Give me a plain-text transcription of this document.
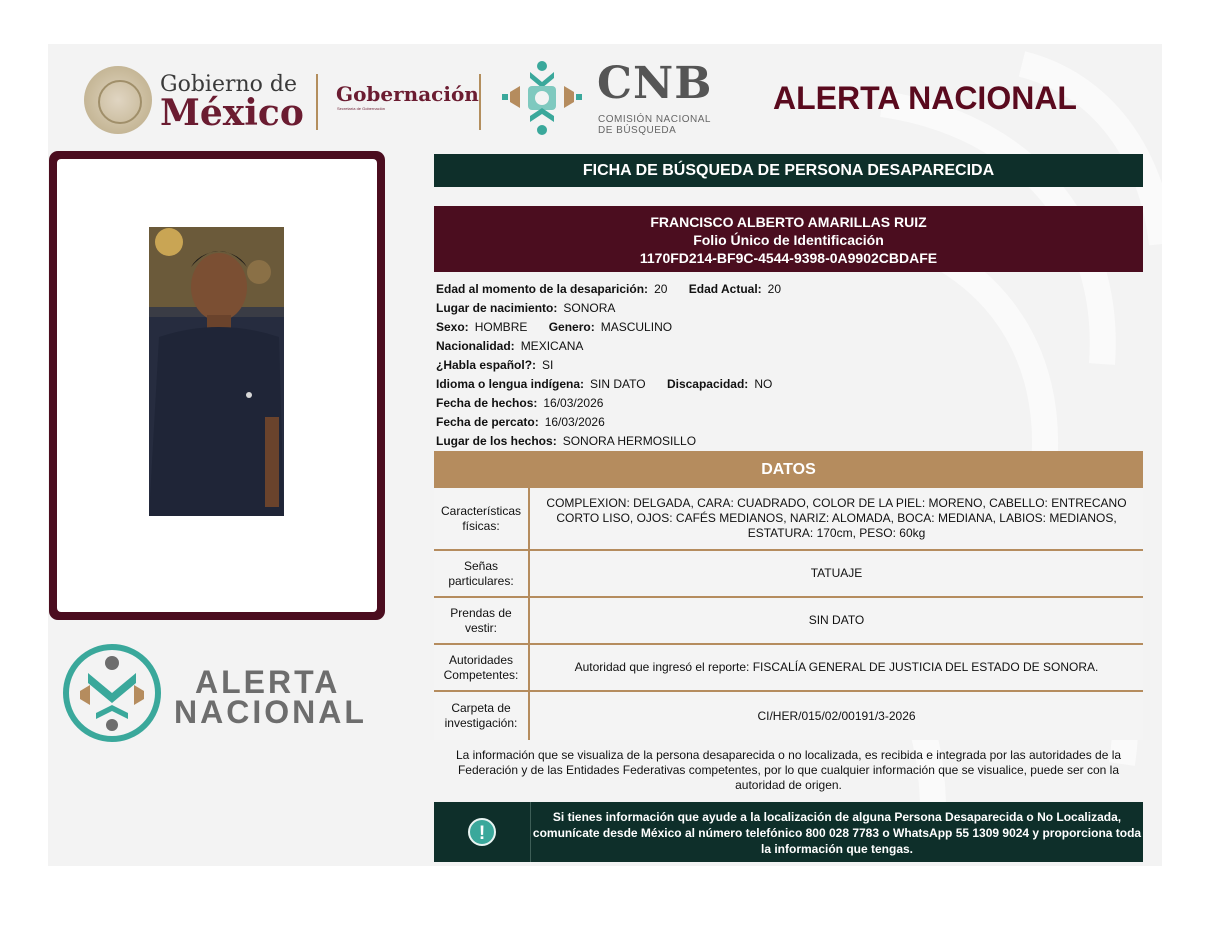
Gobierno de
México Gobernación
Secretaría de Gobernación	CNB
COMISIÓN NACIONAL
DE BÚSQUEDA
ALERTA NACIONAL
ALERTA
NACIONAL
FICHA DE BÚSQUEDA DE PERSONA DESAPARECIDA
FRANCISCO ALBERTO AMARILLAS RUIZ
Folio Único de Identificación
1170FD214-BF9C-4544-9398-0A9902CBDAFE
Edad al momento de la desaparición: 20 Edad Actual: 20
Lugar de nacimiento: SONORA
Sexo: HOMBRE Genero: MASCULINO
Nacionalidad: MEXICANA
¿Habla español?: SI
Idioma o lengua indígena: SIN DATO Discapacidad: NO
Fecha de hechos: 16/03/2026
Fecha de percato: 16/03/2026
Lugar de los hechos: SONORA HERMOSILLO
DATOS
Características físicas:
COMPLEXION: DELGADA, CARA: CUADRADO, COLOR DE LA PIEL: MORENO, CABELLO: ENTRECANO CORTO LISO, OJOS: CAFÉS MEDIANOS, NARIZ: ALOMADA, BOCA: MEDIANA, LABIOS: MEDIANOS, ESTATURA: 170cm, PESO: 60kg
Señas particulares:
TATUAJE
Prendas de vestir:
SIN DATO
Autoridades Competentes:
Autoridad que ingresó el reporte: FISCALÍA GENERAL DE JUSTICIA DEL ESTADO DE SONORA.
Carpeta de investigación:
CI/HER/015/02/00191/3-2026
La información que se visualiza de la persona desaparecida o no localizada, es recibida e integrada por las autoridades de la Federación y de las Entidades Federativas competentes, por lo que cualquier información que se visualice, puede ser con la autoridad de origen.
!
Si tienes información que ayude a la localización de alguna Persona Desaparecida o No Localizada, comunícate desde México al número telefónico 800 028 7783 o WhatsApp 55 1309 9024 y proporciona toda la información que tengas.
